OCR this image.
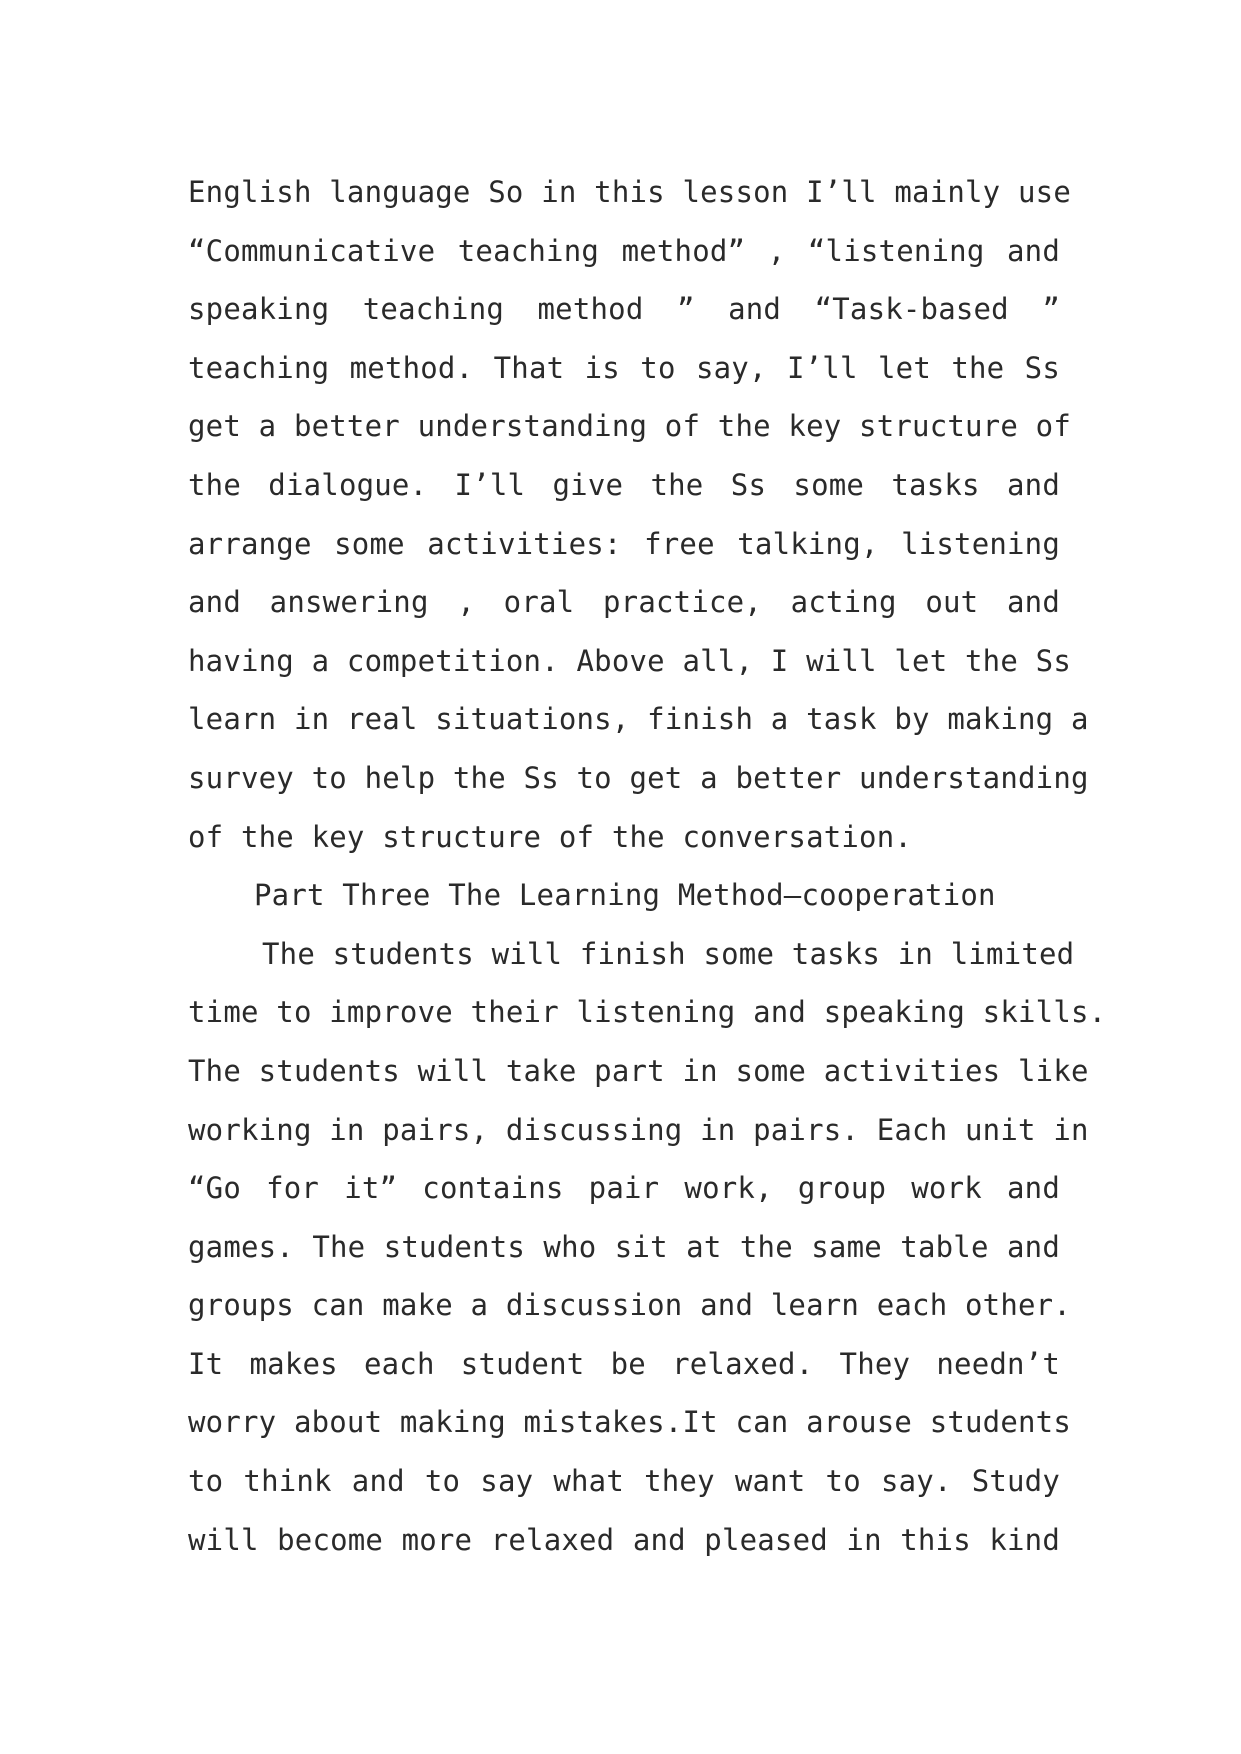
English language So in this lesson I’ll mainly use
“Communicative teaching method” , “listening and
speaking teaching method ” and “Task-based ”
teaching method. That is to say, I’ll let the Ss
get a better understanding of the key structure of
the dialogue. I’ll give the Ss some tasks and
arrange some activities: free talking, listening
and answering , oral practice, acting out and
having a competition. Above all, I will let the Ss
learn in real situations, finish a task by making a
survey to help the Ss to get a better understanding
of the key structure of the conversation.
Part Three The Learning Method—cooperation
The students will finish some tasks in limited
time to improve their listening and speaking skills.
The students will take part in some activities like
working in pairs, discussing in pairs. Each unit in
“Go for it” contains pair work, group work and
games. The students who sit at the same table and
groups can make a discussion and learn each other.
It makes each student be relaxed. They needn’t
worry about making mistakes.It can arouse students
to think and to say what they want to say. Study
will become more relaxed and pleased in this kind
